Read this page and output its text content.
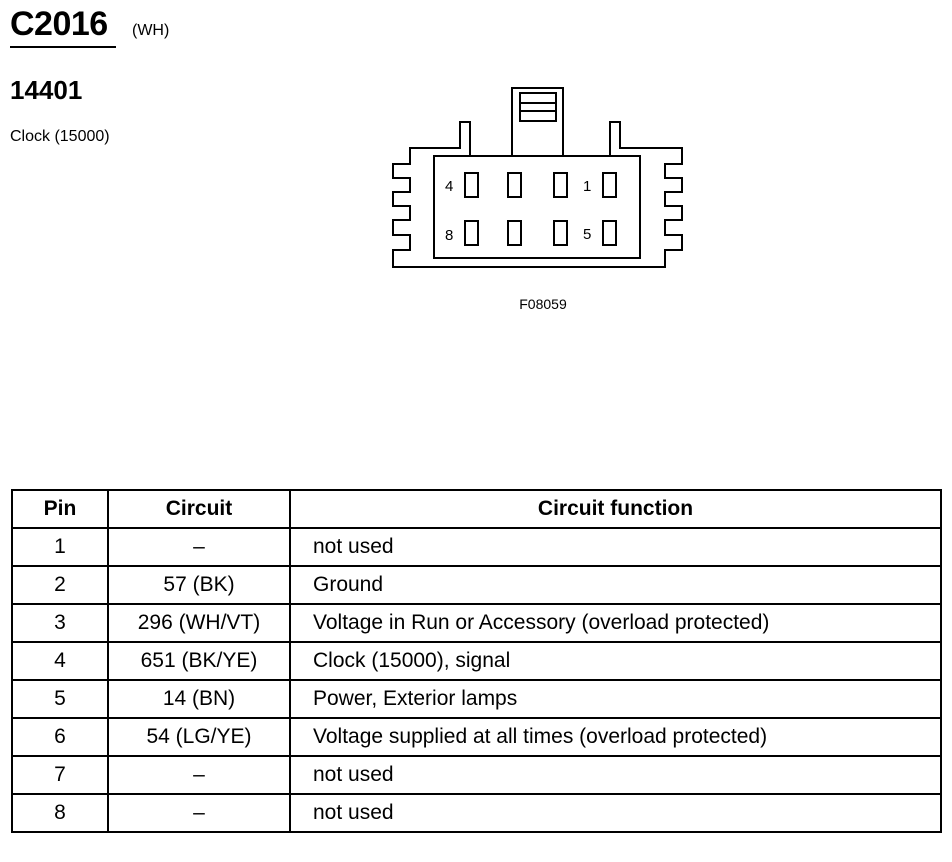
C2016 (WH)
14401
Clock (15000)
4	1
8	5
F08059
Pin	Circuit	Circuit function
1	–	not used
2	57 (BK)	Ground
3	296 (WH/VT)	Voltage in Run or Accessory (overload protected)
4	651 (BK/YE)	Clock (15000), signal
5	14 (BN)	Power, Exterior lamps
6	54 (LG/YE)	Voltage supplied at all times (overload protected)
7	–	not used
8	–	not used
